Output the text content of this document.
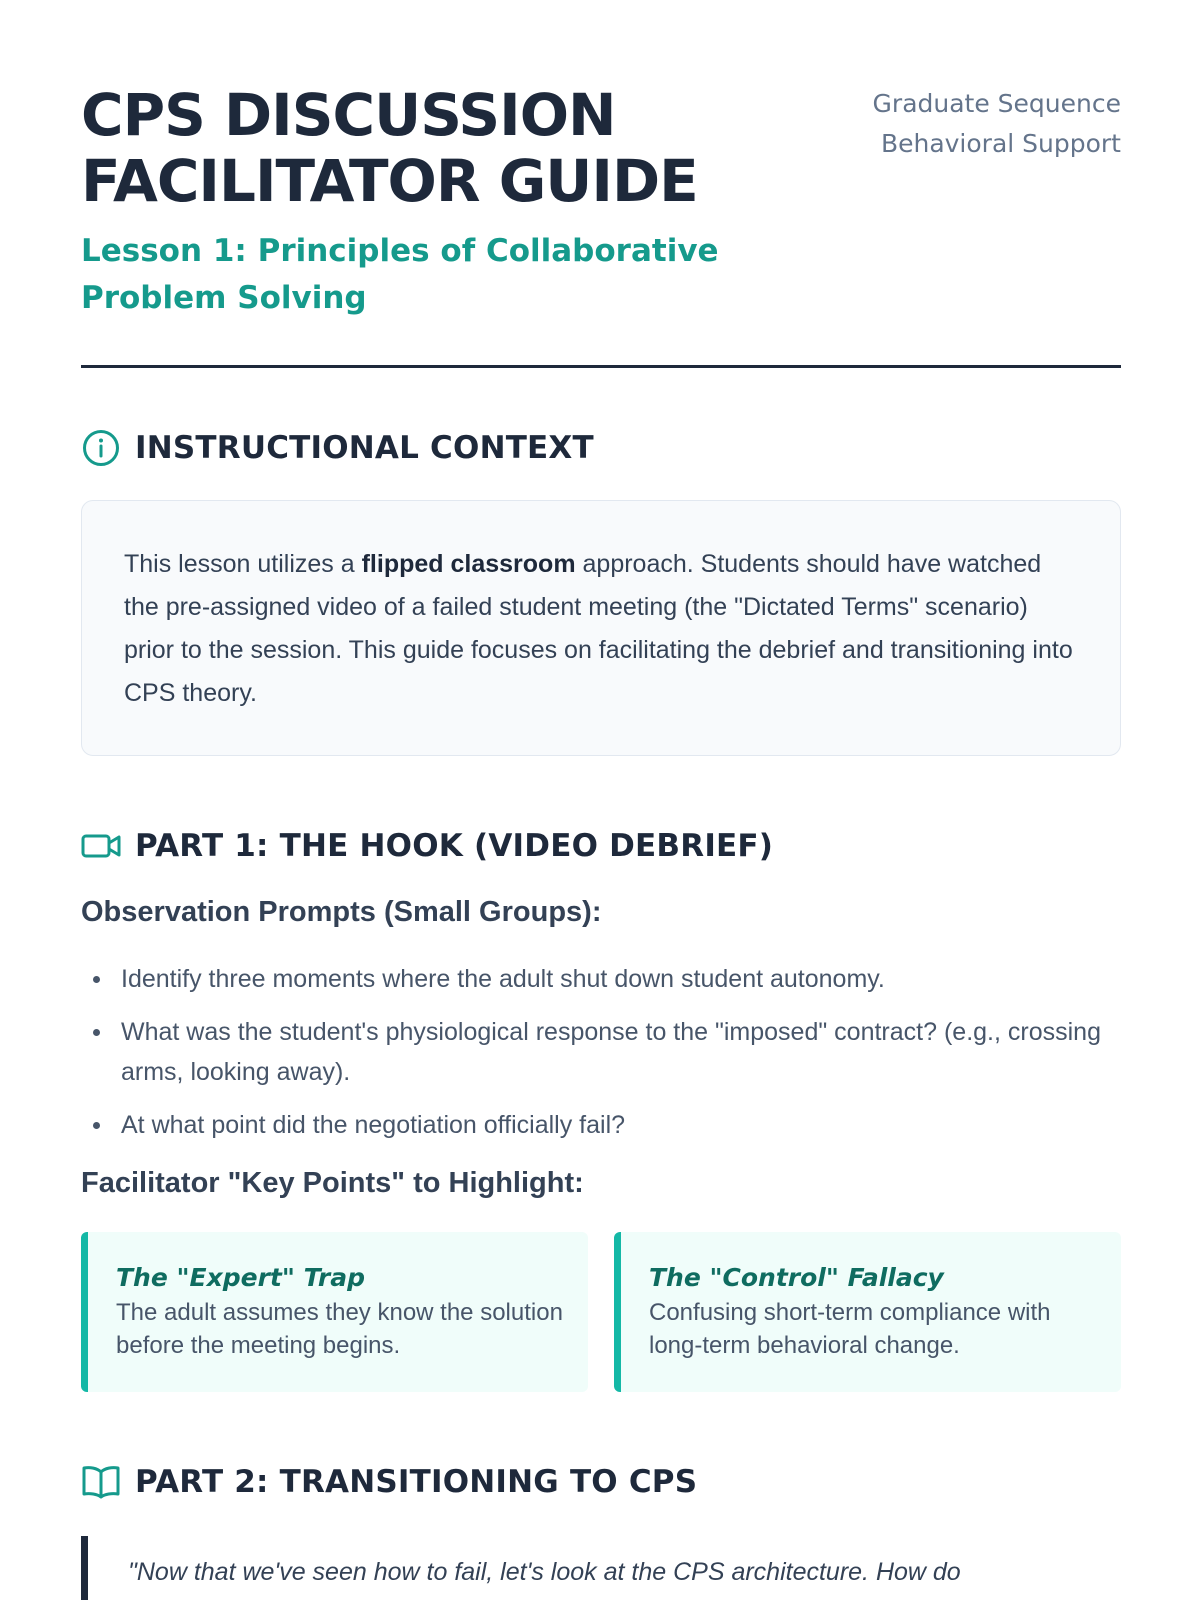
CPS DISCUSSION
FACILITATOR GUIDE
Lesson 1: Principles of Collaborative Problem Solving
Graduate Sequence
Behavioral Support
INSTRUCTIONAL CONTEXT
This lesson utilizes a flipped classroom approach. Students should have watched the pre-assigned video of a failed student meeting (the "Dictated Terms" scenario) prior to the session. This guide focuses on facilitating the debrief and transitioning into CPS theory.
PART 1: THE HOOK (VIDEO DEBRIEF)
Observation Prompts (Small Groups):
Identify three moments where the adult shut down student autonomy.
What was the student's physiological response to the "imposed" contract? (e.g., crossing arms, looking away).
At what point did the negotiation officially fail?
Facilitator "Key Points" to Highlight:
The "Expert" Trap
The adult assumes they know the solution before the meeting begins.
The "Control" Fallacy
Confusing short-term compliance with long-term behavioral change.
PART 2: TRANSITIONING TO CPS
"Now that we've seen how to fail, let's look at the CPS architecture. How do
